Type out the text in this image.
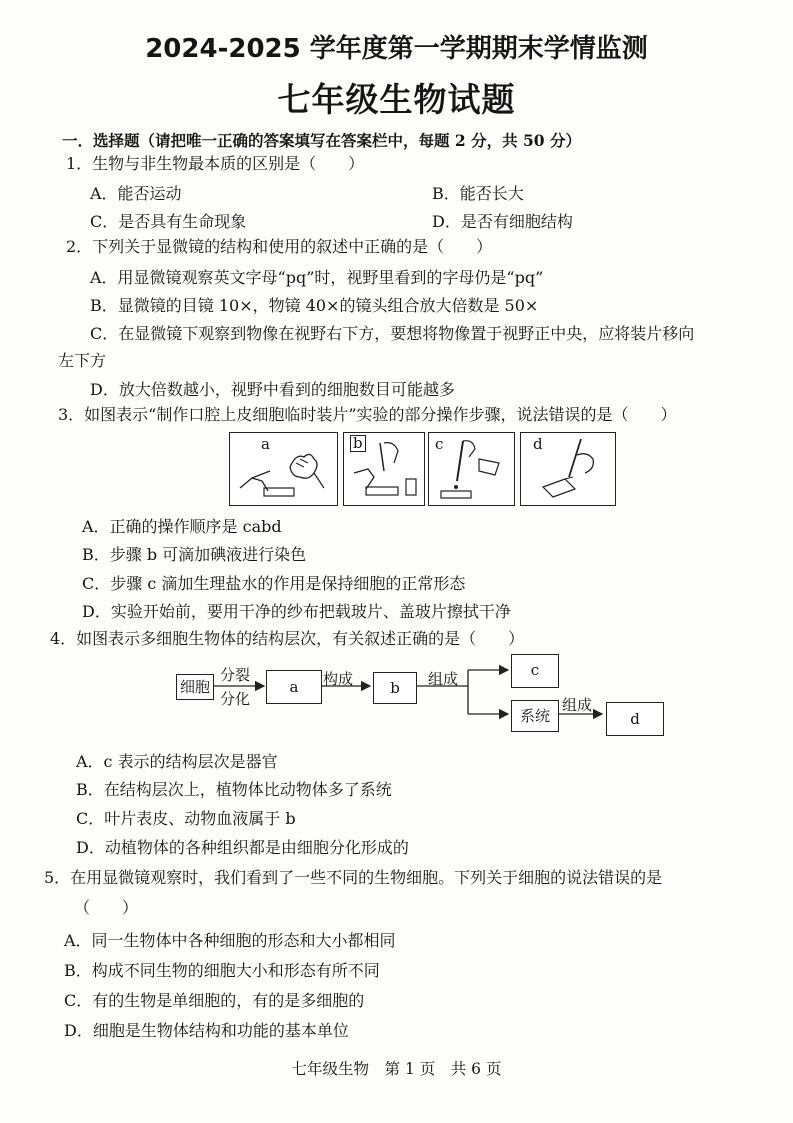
2024-2025 学年度第一学期期末学情监测
七年级生物试题
一．选择题（请把唯一正确的答案填写在答案栏中，每题 2 分，共 50 分）
1．生物与非生物最本质的区别是（　　）
A．能否运动	B．能否长大
C．是否具有生命现象	D．是否有细胞结构
2．下列关于显微镜的结构和使用的叙述中正确的是（　　）
A．用显微镜观察英文字母“pq”时，视野里看到的字母仍是“pq”
B．显微镜的目镜 10×，物镜 40×的镜头组合放大倍数是 50×
C．在显微镜下观察到物像在视野右下方，要想将物像置于视野正中央，应将装片移向
左下方
D．放大倍数越小，视野中看到的细胞数目可能越多
3．如图表示“制作口腔上皮细胞临时装片”实验的部分操作步骤，说法错误的是（　　）
a	b	c	d
A．正确的操作顺序是 cabd
B．步骤 b 可滴加碘液进行染色
C．步骤 c 滴加生理盐水的作用是保持细胞的正常形态
D．实验开始前，要用干净的纱布把载玻片、盖玻片擦拭干净
4．如图表示多细胞生物体的结构层次，有关叙述正确的是（　　）
细胞
分裂
分化
a	构成	b	组成	c
系统
组成
d
A．c 表示的结构层次是器官
B．在结构层次上，植物体比动物体多了系统
C．叶片表皮、动物血液属于 b
D．动植物体的各种组织都是由细胞分化形成的
5．在用显微镜观察时，我们看到了一些不同的生物细胞。下列关于细胞的说法错误的是
（　　）
A．同一生物体中各种细胞的形态和大小都相同
B．构成不同生物的细胞大小和形态有所不同
C．有的生物是单细胞的，有的是多细胞的
D．细胞是生物体结构和功能的基本单位
七年级生物　第 1 页　共 6 页
